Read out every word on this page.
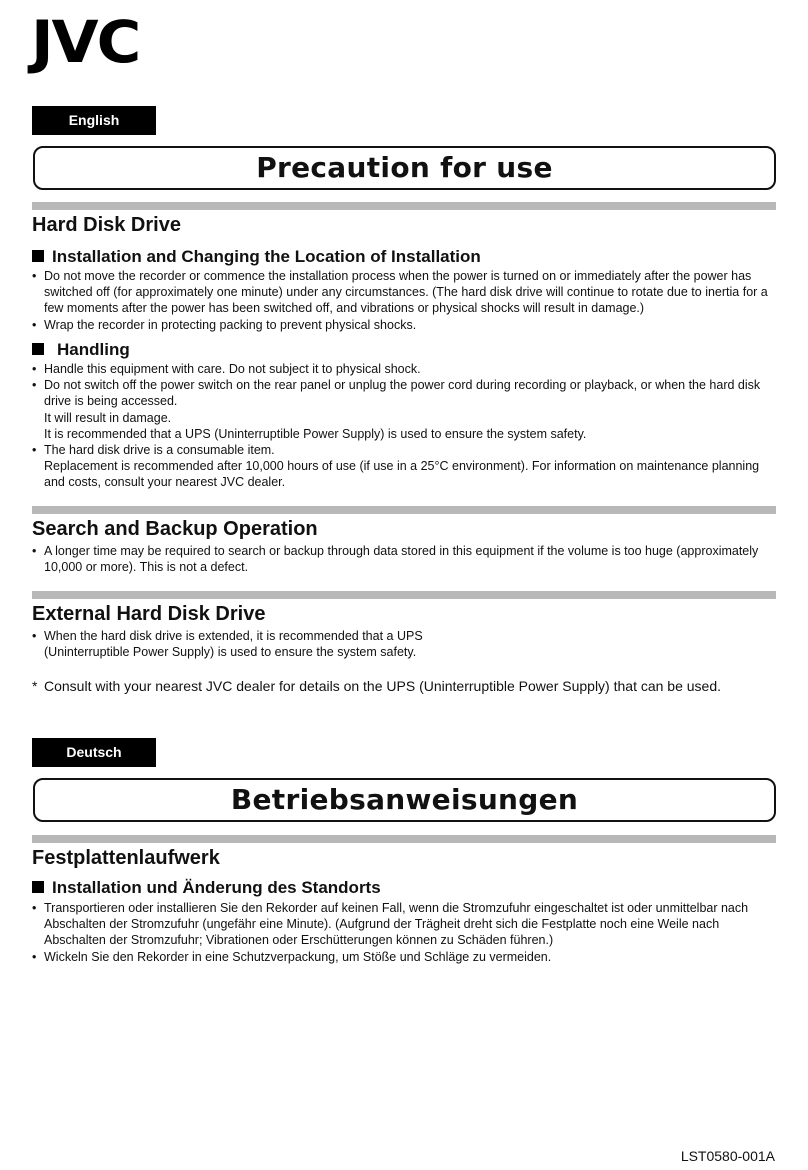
JVC
English
Precaution for use
Hard Disk Drive
Installation and Changing the Location of Installation
• Do not move the recorder or commence the installation process when the power is turned on or immediately after the power has switched off (for approximately one minute) under any circumstances. (The hard disk drive will continue to rotate due to inertia for a few moments after the power has been switched off, and vibrations or physical shocks will result in damage.)
• Wrap the recorder in protecting packing to prevent physical shocks.
Handling
• Handle this equipment with care. Do not subject it to physical shock.
• Do not switch off the power switch on the rear panel or unplug the power cord during recording or playback, or when the hard disk drive is being accessed.
It will result in damage.
It is recommended that a UPS (Uninterruptible Power Supply) is used to ensure the system safety.
• The hard disk drive is a consumable item.
Replacement is recommended after 10,000 hours of use (if use in a 25°C environment). For information on maintenance planning and costs, consult your nearest JVC dealer.
Search and Backup Operation
• A longer time may be required to search or backup through data stored in this equipment if the volume is too huge (approximately 10,000 or more). This is not a defect.
External Hard Disk Drive
• When the hard disk drive is extended, it is recommended that a UPS
(Uninterruptible Power Supply) is used to ensure the system safety.
* Consult with your nearest JVC dealer for details on the UPS (Uninterruptible Power Supply) that can be used.
Deutsch
Betriebsanweisungen
Festplattenlaufwerk
Installation und Änderung des Standorts
• Transportieren oder installieren Sie den Rekorder auf keinen Fall, wenn die Stromzufuhr eingeschaltet ist oder unmittelbar nach Abschalten der Stromzufuhr (ungefähr eine Minute). (Aufgrund der Trägheit dreht sich die Festplatte noch eine Weile nach Abschalten der Stromzufuhr; Vibrationen oder Erschütterungen können zu Schäden führen.)
• Wickeln Sie den Rekorder in eine Schutzverpackung, um Stöße und Schläge zu vermeiden.
LST0580-001A
